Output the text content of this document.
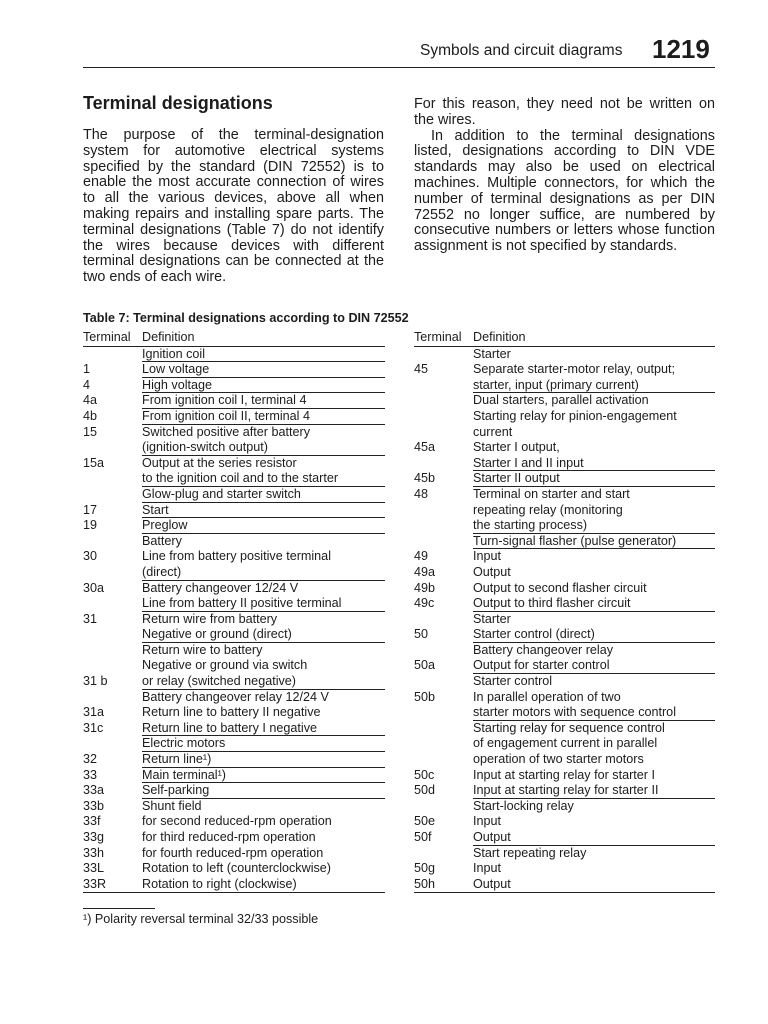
Symbols and circuit diagrams 1219
Terminal designations

The purpose of the terminal-designation system for automotive electrical systems specified by the standard (DIN 72552) is to enable the most accurate connection of wires to all the various devices, above all when making repairs and installing spare parts. The terminal designations (Table 7) do not identify the wires because devices with different terminal designations can be connected at the two ends of each wire.

For this reason, they need not be written on the wires.

In addition to the terminal designations listed, designations according to DIN VDE standards may also be used on electrical machines. Multiple connectors, for which the number of terminal designations as per DIN 72552 no longer suffice, are numbered by consecutive numbers or letters whose function assignment is not specified by standards.

Table 7: Terminal designations according to DIN 72552
Terminal Definition
Ignition coil
1	Low voltage
4	High voltage
4a	From ignition coil I, terminal 4
4b	From ignition coil II, terminal 4
15	Switched positive after battery
(ignition-switch output)
15a	Output at the series resistor
to the ignition coil and to the starter
Glow-plug and starter switch
17	Start
19	Preglow
Battery
30	Line from battery positive terminal
(direct)
30a	Battery changeover 12/24 V
Line from battery II positive terminal
31	Return wire from battery
Negative or ground (direct)
Return wire to battery
Negative or ground via switch
31 b	or relay (switched negative)
Battery changeover relay 12/24 V
31a	Return line to battery II negative
31c	Return line to battery I negative
Electric motors
32	Return line¹)
33	Main terminal¹)
33a	Self-parking
33b	Shunt field
33f	for second reduced-rpm operation
33g	for third reduced-rpm operation
33h	for fourth reduced-rpm operation
33L	Rotation to left (counterclockwise)
33R	Rotation to right (clockwise)
Terminal Definition
Starter
45	Separate starter-motor relay, output;
starter, input (primary current)
Dual starters, parallel activation
Starting relay for pinion-engagement
current
45a	Starter I output,
Starter I and II input
45b	Starter II output
48	Terminal on starter and start
repeating relay (monitoring
the starting process)
Turn-signal flasher (pulse generator)
49	Input
49a	Output
49b	Output to second flasher circuit
49c	Output to third flasher circuit
Starter
50	Starter control (direct)
Battery changeover relay
50a	Output for starter control
Starter control
50b	In parallel operation of two
starter motors with sequence control
Starting relay for sequence control
of engagement current in parallel
operation of two starter motors
50c	Input at starting relay for starter I
50d	Input at starting relay for starter II
Start-locking relay
50e	Input
50f	Output
Start repeating relay
50g	Input
50h	Output
¹) Polarity reversal terminal 32/33 possible
